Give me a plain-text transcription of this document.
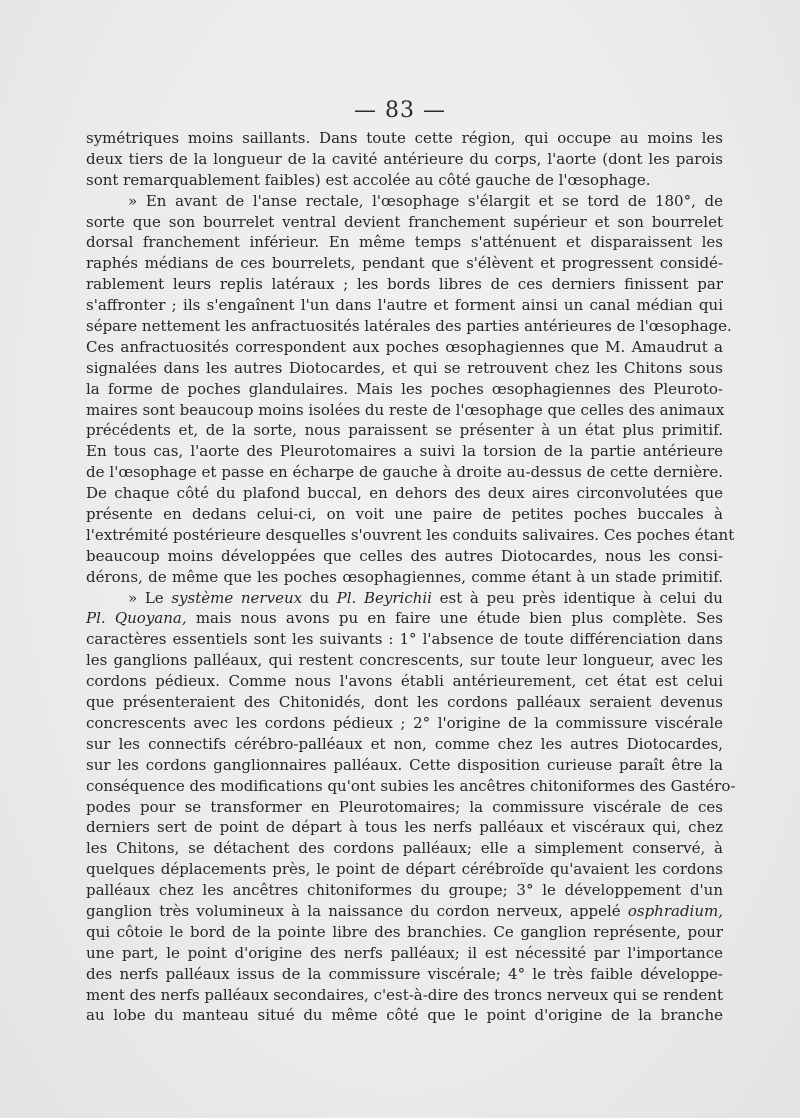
— 83 —
symétriques moins saillants. Dans toute cette région, qui occupe au moins les
deux tiers de la longueur de la cavité antérieure du corps, l'aorte (dont les parois
sont remarquablement faibles) est accolée au côté gauche de l'œsophage.
» En avant de l'anse rectale, l'œsophage s'élargit et se tord de 180°, de
sorte que son bourrelet ventral devient franchement supérieur et son bourrelet
dorsal franchement inférieur. En même temps s'atténuent et disparaissent les
raphés médians de ces bourrelets, pendant que s'élèvent et progressent considé-
rablement leurs replis latéraux ; les bords libres de ces derniers finissent par
s'affronter ; ils s'engaînent l'un dans l'autre et forment ainsi un canal médian qui
sépare nettement les anfractuosités latérales des parties antérieures de l'œsophage.
Ces anfractuosités correspondent aux poches œsophagiennes que M. Amaudrut a
signalées dans les autres Diotocardes, et qui se retrouvent chez les Chitons sous
la forme de poches glandulaires. Mais les poches œsophagiennes des Pleuroto-
maires sont beaucoup moins isolées du reste de l'œsophage que celles des animaux
précédents et, de la sorte, nous paraissent se présenter à un état plus primitif.
En tous cas, l'aorte des Pleurotomaires a suivi la torsion de la partie antérieure
de l'œsophage et passe en écharpe de gauche à droite au-dessus de cette dernière.
De chaque côté du plafond buccal, en dehors des deux aires circonvolutées que
présente en dedans celui-ci, on voit une paire de petites poches buccales à
l'extrémité postérieure desquelles s'ouvrent les conduits salivaires. Ces poches étant
beaucoup moins développées que celles des autres Diotocardes, nous les consi-
dérons, de même que les poches œsophagiennes, comme étant à un stade primitif.
» Le système nerveux du Pl. Beyrichii est à peu près identique à celui du
Pl. Quoyana, mais nous avons pu en faire une étude bien plus complète. Ses
caractères essentiels sont les suivants : 1° l'absence de toute différenciation dans
les ganglions palléaux, qui restent concrescents, sur toute leur longueur, avec les
cordons pédieux. Comme nous l'avons établi antérieurement, cet état est celui
que présenteraient des Chitonidés, dont les cordons palléaux seraient devenus
concrescents avec les cordons pédieux ; 2° l'origine de la commissure viscérale
sur les connectifs cérébro-palléaux et non, comme chez les autres Diotocardes,
sur les cordons ganglionnaires palléaux. Cette disposition curieuse paraît être la
conséquence des modifications qu'ont subies les ancêtres chitoniformes des Gastéro-
podes pour se transformer en Pleurotomaires; la commissure viscérale de ces
derniers sert de point de départ à tous les nerfs palléaux et viscéraux qui, chez
les Chitons, se détachent des cordons palléaux; elle a simplement conservé, à
quelques déplacements près, le point de départ cérébroïde qu'avaient les cordons
palléaux chez les ancêtres chitoniformes du groupe; 3° le développement d'un
ganglion très volumineux à la naissance du cordon nerveux, appelé osphradium,
qui côtoie le bord de la pointe libre des branchies. Ce ganglion représente, pour
une part, le point d'origine des nerfs palléaux; il est nécessité par l'importance
des nerfs palléaux issus de la commissure viscérale; 4° le très faible développe-
ment des nerfs palléaux secondaires, c'est-à-dire des troncs nerveux qui se rendent
au lobe du manteau situé du même côté que le point d'origine de la branche
